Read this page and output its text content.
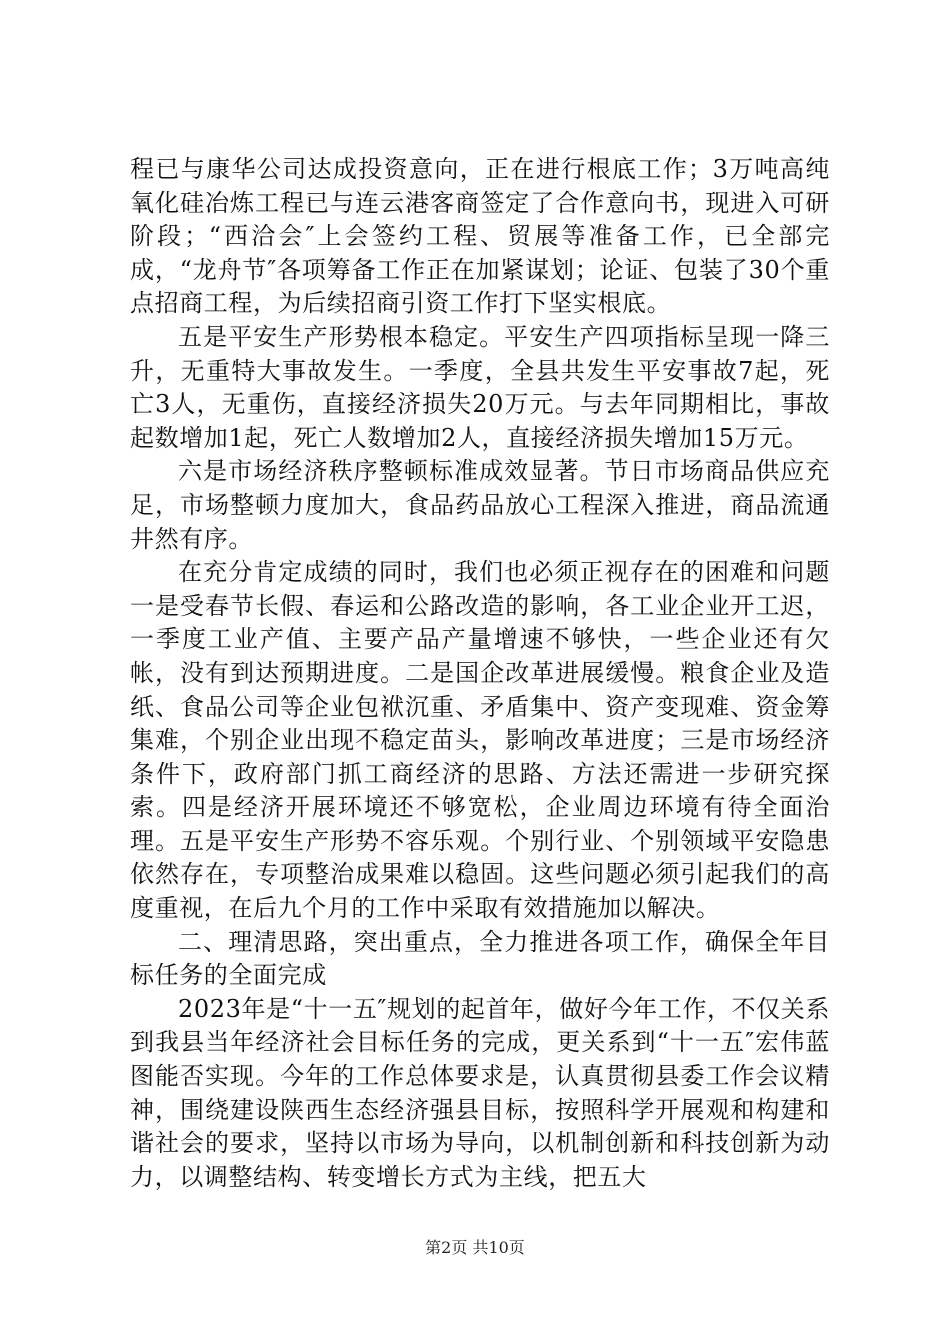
程已与康华公司达成投资意向，正在进行根底工作；3万吨高纯氧化硅冶炼工程已与连云港客商签定了合作意向书，现进入可研阶段；“西洽会″上会签约工程、贸展等准备工作，已全部完成，“龙舟节″各项筹备工作正在加紧谋划；论证、包装了30个重点招商工程，为后续招商引资工作打下坚实根底。

五是平安生产形势根本稳定。平安生产四项指标呈现一降三升，无重特大事故发生。一季度，全县共发生平安事故7起，死亡3人，无重伤，直接经济损失20万元。与去年同期相比，事故起数增加1起，死亡人数增加2人，直接经济损失增加15万元。

六是市场经济秩序整顿标准成效显著。节日市场商品供应充足，市场整顿力度加大，食品药品放心工程深入推进，商品流通井然有序。

在充分肯定成绩的同时，我们也必须正视存在的困难和问题一是受春节长假、春运和公路改造的影响，各工业企业开工迟，一季度工业产值、主要产品产量增速不够快，一些企业还有欠帐，没有到达预期进度。二是国企改革进展缓慢。粮食企业及造纸、食品公司等企业包袱沉重、矛盾集中、资产变现难、资金筹集难，个别企业出现不稳定苗头，影响改革进度；三是市场经济条件下，政府部门抓工商经济的思路、方法还需进一步研究探索。四是经济开展环境还不够宽松，企业周边环境有待全面治理。五是平安生产形势不容乐观。个别行业、个别领域平安隐患依然存在，专项整治成果难以稳固。这些问题必须引起我们的高度重视，在后九个月的工作中采取有效措施加以解决。

二、理清思路，突出重点，全力推进各项工作，确保全年目标任务的全面完成

2023年是“十一五″规划的起首年，做好今年工作，不仅关系到我县当年经济社会目标任务的完成，更关系到“十一五″宏伟蓝图能否实现。今年的工作总体要求是，认真贯彻县委工作会议精神，围绕建设陕西生态经济强县目标，按照科学开展观和构建和谐社会的要求，坚持以市场为导向，以机制创新和科技创新为动力，以调整结构、转变增长方式为主线，把五大

第2页 共10页
